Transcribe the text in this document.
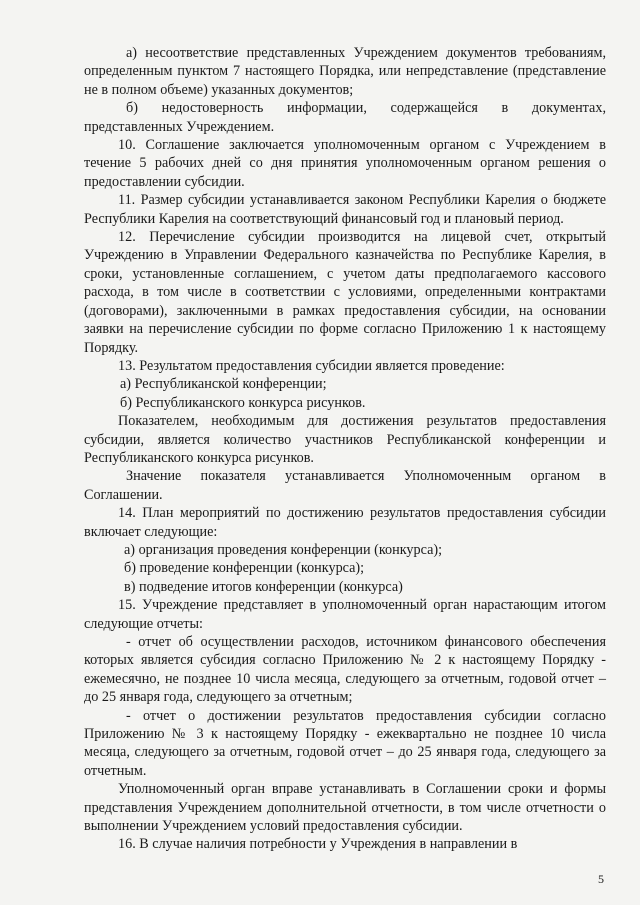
а) несоответствие представленных Учреждением документов требованиям, определенным пунктом 7 настоящего Порядка, или непредставление (представление не в полном объеме) указанных документов;

б) недостоверность информации, содержащейся в документах, представленных Учреждением.

10. Соглашение заключается уполномоченным органом с Учреждением в течение 5 рабочих дней со дня принятия уполномоченным органом решения о предоставлении субсидии.

11. Размер субсидии устанавливается законом Республики Карелия о бюджете Республики Карелия на соответствующий финансовый год и плановый период.

12. Перечисление субсидии производится на лицевой счет, открытый Учреждению в Управлении Федерального казначейства по Республике Карелия, в сроки, установленные соглашением, с учетом даты предполагаемого кассового расхода, в том числе в соответствии с условиями, определенными контрактами (договорами), заключенными в рамках предоставления субсидии, на основании заявки на перечисление субсидии по форме согласно Приложению 1 к настоящему Порядку.

13. Результатом предоставления субсидии является проведение:

а) Республиканской конференции;

б) Республиканского конкурса рисунков.

Показателем, необходимым для достижения результатов предоставления субсидии, является количество участников Республиканской конференции и Республиканского конкурса рисунков.

Значение показателя устанавливается Уполномоченным органом в Соглашении.

14. План мероприятий по достижению результатов предоставления субсидии включает следующие:

а) организация проведения конференции (конкурса);

б) проведение конференции (конкурса);

в) подведение итогов конференции (конкурса)

15. Учреждение представляет в уполномоченный орган нарастающим итогом следующие отчеты:

- отчет об осуществлении расходов, источником финансового обеспечения которых является субсидия согласно Приложению № 2 к настоящему Порядку - ежемесячно, не позднее 10 числа месяца, следующего за отчетным, годовой отчет – до 25 января года, следующего за отчетным;

- отчет о достижении результатов предоставления субсидии согласно Приложению № 3 к настоящему Порядку - ежеквартально не позднее 10 числа месяца, следующего за отчетным, годовой отчет – до 25 января года, следующего за отчетным.

Уполномоченный орган вправе устанавливать в Соглашении сроки и формы представления Учреждением дополнительной отчетности, в том числе отчетности о выполнении Учреждением условий предоставления субсидии.

16. В случае наличия потребности у Учреждения в направлении в

5
